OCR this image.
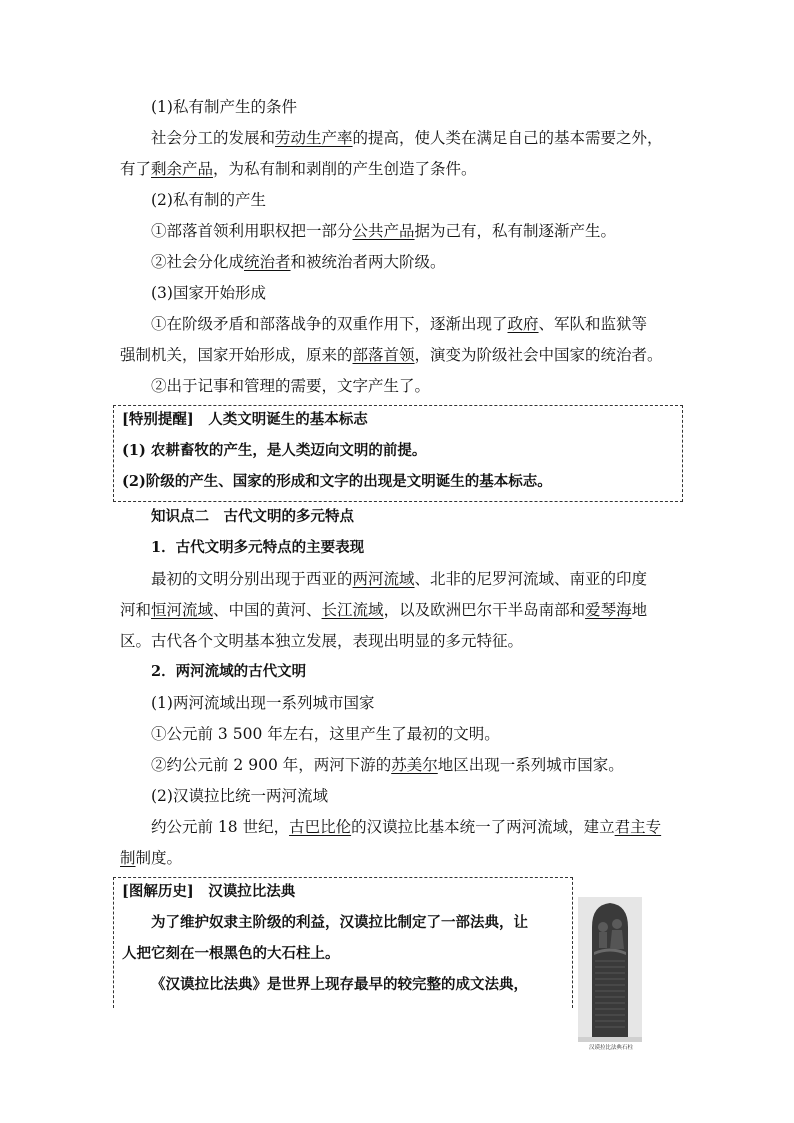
(1)私有制产生的条件
社会分工的发展和劳动生产率的提高，使人类在满足自己的基本需要之外，
有了剩余产品，为私有制和剥削的产生创造了条件。
(2)私有制的产生
①部落首领利用职权把一部分公共产品据为己有，私有制逐渐产生。
②社会分化成统治者和被统治者两大阶级。
(3)国家开始形成
①在阶级矛盾和部落战争的双重作用下，逐渐出现了政府、军队和监狱等
强制机关，国家开始形成，原来的部落首领，演变为阶级社会中国家的统治者。
②出于记事和管理的需要，文字产生了。
[特别提醒]　人类文明诞生的基本标志
(1) 农耕畜牧的产生，是人类迈向文明的前提。
(2)阶级的产生、国家的形成和文字的出现是文明诞生的基本标志。
知识点二　古代文明的多元特点
1．古代文明多元特点的主要表现
最初的文明分别出现于西亚的两河流域、北非的尼罗河流域、南亚的印度
河和恒河流域、中国的黄河、长江流域，以及欧洲巴尔干半岛南部和爱琴海地
区。古代各个文明基本独立发展，表现出明显的多元特征。
2．两河流域的古代文明
(1)两河流域出现一系列城市国家
①公元前 3 500 年左右，这里产生了最初的文明。
②约公元前 2 900 年，两河下游的苏美尔地区出现一系列城市国家。
(2)汉谟拉比统一两河流域
约公元前 18 世纪，古巴比伦的汉谟拉比基本统一了两河流域，建立君主专
制制度。
[图解历史]　汉谟拉比法典
为了维护奴隶主阶级的利益，汉谟拉比制定了一部法典，让
人把它刻在一根黑色的大石柱上。
《汉谟拉比法典》是世界上现存最早的较完整的成文法典，
汉谟拉比法典石柱
